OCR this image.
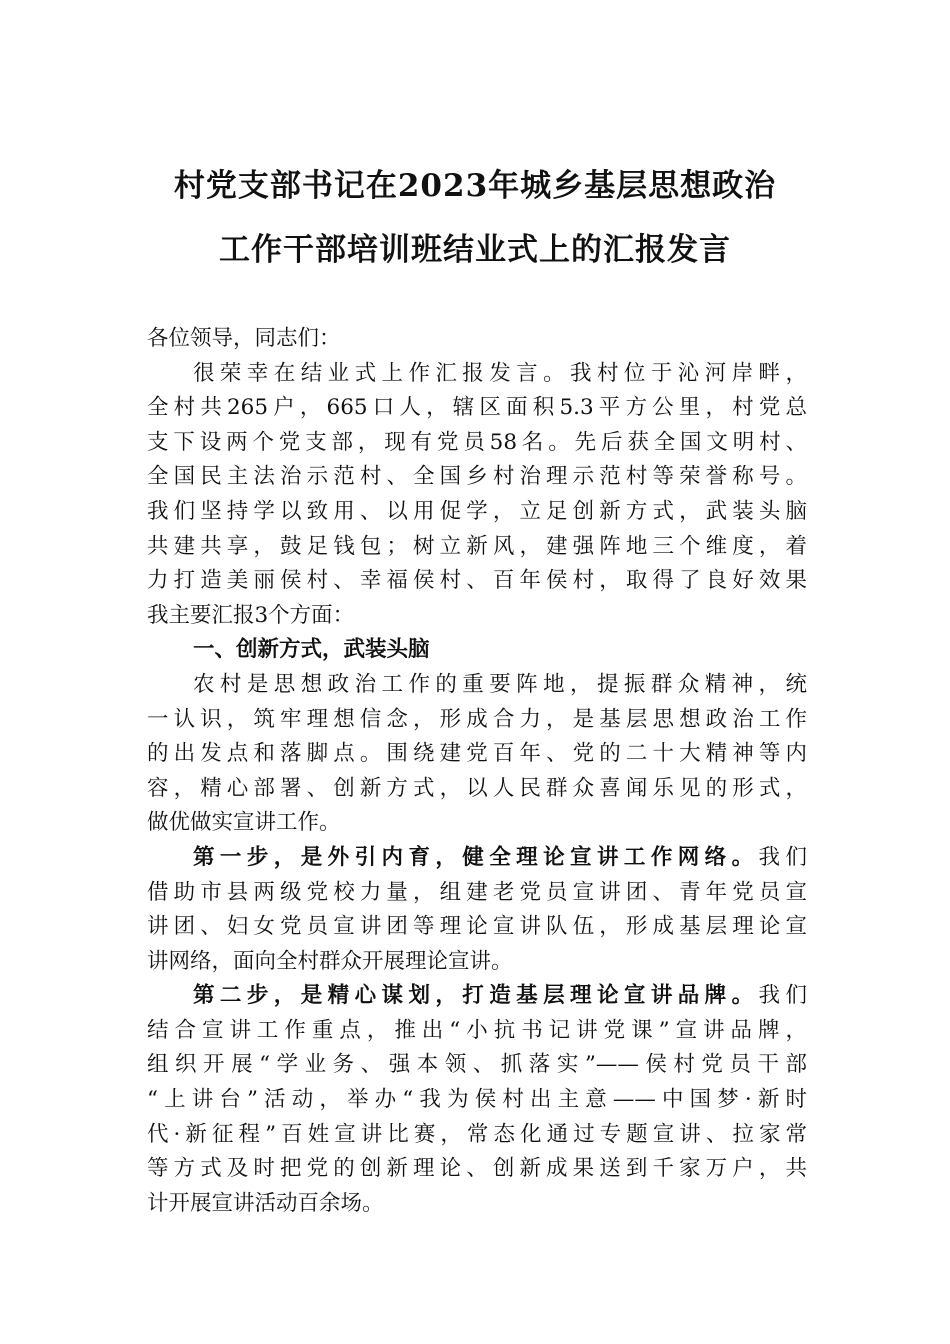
村党支部书记在2023年城乡基层思想政治
工作干部培训班结业式上的汇报发言
各位领导，同志们：
很荣幸在结业式上作汇报发言。我村位于沁河岸畔，
全村共265户，665口人，辖区面积5.3平方公里，村党总
支下设两个党支部，现有党员58名。先后获全国文明村、
全国民主法治示范村、全国乡村治理示范村等荣誉称号。
我们坚持学以致用、以用促学，立足创新方式，武装头脑
共建共享，鼓足钱包；树立新风，建强阵地三个维度，着
力打造美丽侯村、幸福侯村、百年侯村，取得了良好效果
我主要汇报3个方面：
一、创新方式，武装头脑
农村是思想政治工作的重要阵地，提振群众精神，统
一认识，筑牢理想信念，形成合力，是基层思想政治工作
的出发点和落脚点。围绕建党百年、党的二十大精神等内
容，精心部署、创新方式，以人民群众喜闻乐见的形式，
做优做实宣讲工作。
第一步，是外引内育，健全理论宣讲工作网络。我们
借助市县两级党校力量，组建老党员宣讲团、青年党员宣
讲团、妇女党员宣讲团等理论宣讲队伍，形成基层理论宣
讲网络，面向全村群众开展理论宣讲。
第二步，是精心谋划，打造基层理论宣讲品牌。我们
结合宣讲工作重点，推出“小抗书记讲党课”宣讲品牌，
组织开展“学业务、强本领、抓落实”——侯村党员干部
“上讲台”活动，举办“我为侯村出主意——中国梦·新时
代·新征程”百姓宣讲比赛，常态化通过专题宣讲、拉家常
等方式及时把党的创新理论、创新成果送到千家万户，共
计开展宣讲活动百余场。
